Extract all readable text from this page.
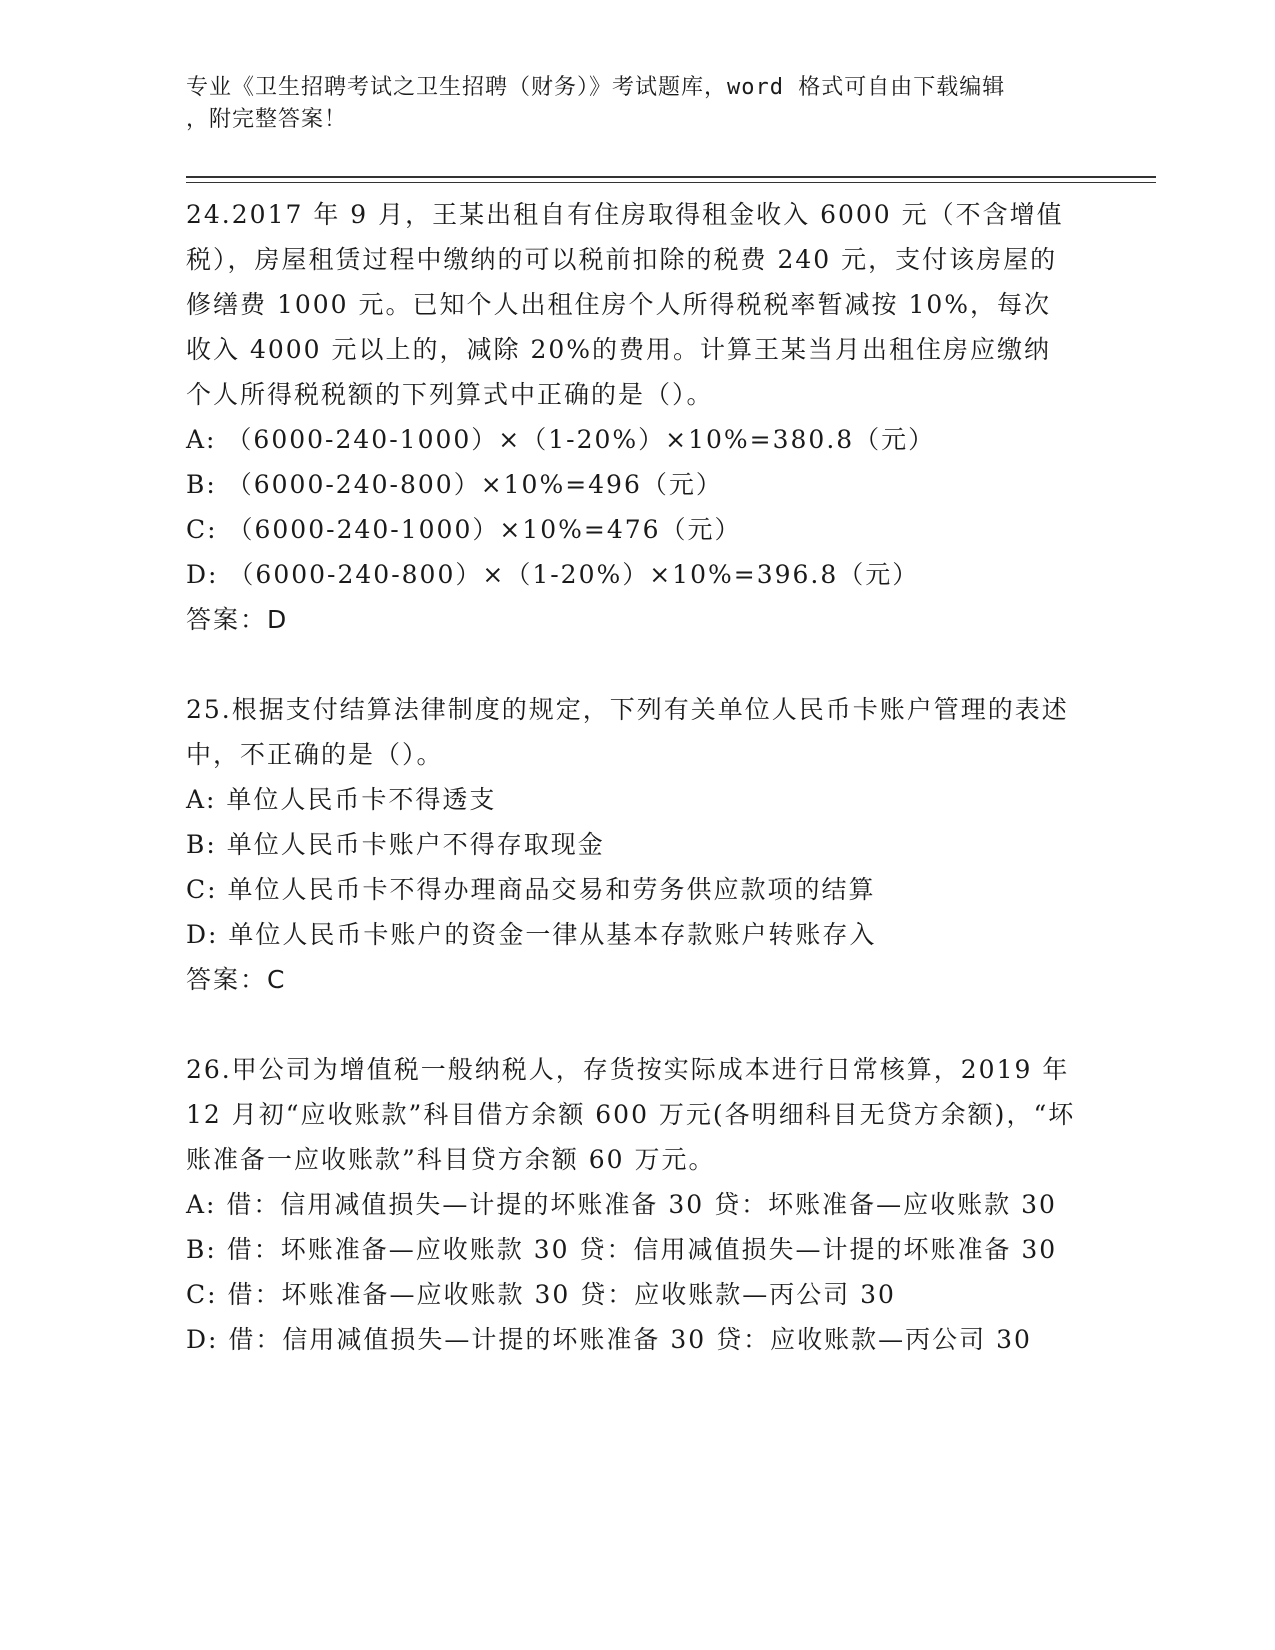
专业《卫生招聘考试之卫生招聘（财务）》考试题库，word 格式可自由下载编辑
，附完整答案！

24.2017 年 9 月，王某出租自有住房取得租金收入 6000 元（不含增值税），房屋租赁过程中缴纳的可以税前扣除的税费 240 元，支付该房屋的修缮费 1000 元。已知个人出租住房个人所得税税率暂减按 10%，每次收入 4000 元以上的，减除 20%的费用。计算王某当月出租住房应缴纳个人所得税税额的下列算式中正确的是（）。

A: （6000-240-1000）×（1-20%）×10%=380.8（元）

B: （6000-240-800）×10%=496（元）

C: （6000-240-1000）×10%=476（元）

D: （6000-240-800）×（1-20%）×10%=396.8（元）

答案：D

25.根据支付结算法律制度的规定，下列有关单位人民币卡账户管理的表述中，不正确的是（）。

A: 单位人民币卡不得透支

B: 单位人民币卡账户不得存取现金

C: 单位人民币卡不得办理商品交易和劳务供应款项的结算

D: 单位人民币卡账户的资金一律从基本存款账户转账存入

答案：C

26.甲公司为增值税一般纳税人，存货按实际成本进行日常核算，2019 年 12 月初“应收账款”科目借方余额 600 万元(各明细科目无贷方余额)，“坏账准备一应收账款”科目贷方余额 60 万元。

A: 借：信用减值损失—计提的坏账准备 30 贷：坏账准备—应收账款 30

B: 借：坏账准备—应收账款 30 贷：信用减值损失—计提的坏账准备 30

C: 借：坏账准备—应收账款 30 贷：应收账款—丙公司 30

D: 借：信用减值损失—计提的坏账准备 30 贷：应收账款—丙公司 30
